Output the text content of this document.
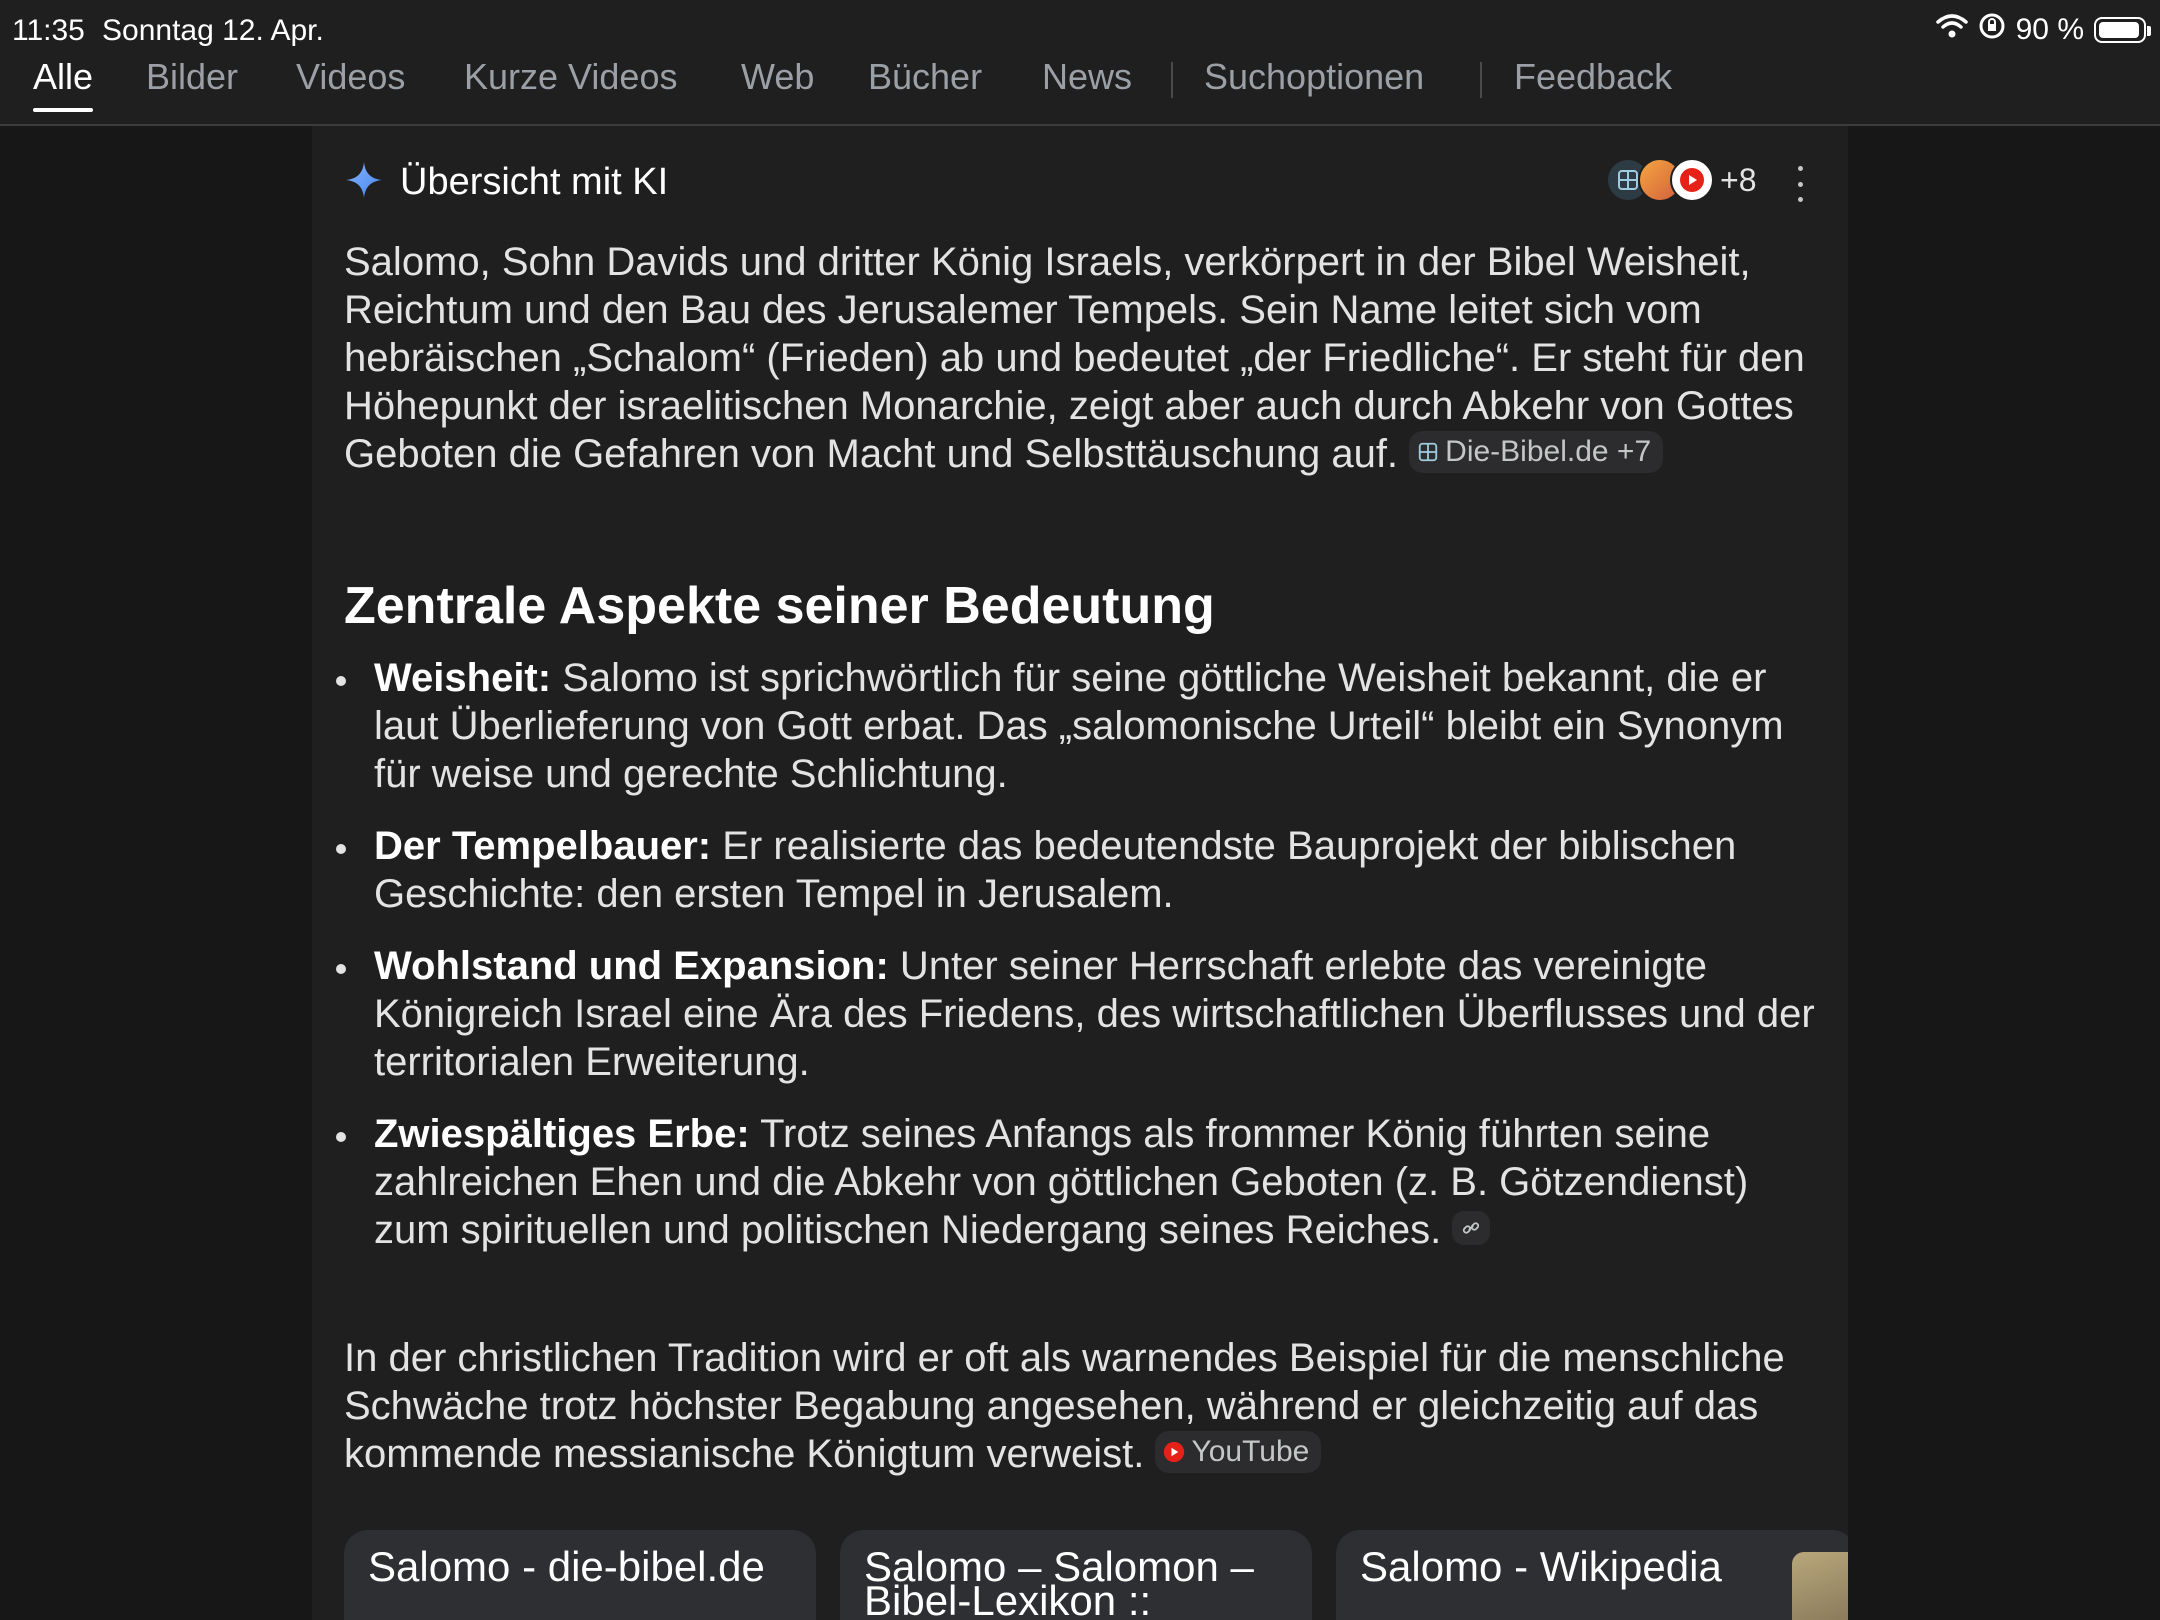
11:35 Sonntag 12. Apr.	90 %
Alle Bilder Videos Kurze Videos Web Bücher News Suchoptionen Feedback
Übersicht mit KI	+8
Salomo, Sohn Davids und dritter König Israels, verkörpert in der Bibel Weisheit, Reichtum und den Bau des Jerusalemer Tempels. Sein Name leitet sich vom hebräischen „Schalom“ (Frieden) ab und bedeutet „der Friedliche“. Er steht für den Höhepunkt der israelitischen Monarchie, zeigt aber auch durch Abkehr von Gottes Geboten die Gefahren von Macht und Selbsttäuschung auf. Die-Bibel.de +7
Zentrale Aspekte seiner Bedeutung
Weisheit: Salomo ist sprichwörtlich für seine göttliche Weisheit bekannt, die er laut Überlieferung von Gott erbat. Das „salomonische Urteil“ bleibt ein Synonym für weise und gerechte Schlichtung.
Der Tempelbauer: Er realisierte das bedeutendste Bauprojekt der biblischen Geschichte: den ersten Tempel in Jerusalem.
Wohlstand und Expansion: Unter seiner Herrschaft erlebte das vereinigte Königreich Israel eine Ära des Friedens, des wirtschaftlichen Überflusses und der territorialen Erweiterung.
Zwiespältiges Erbe: Trotz seines Anfangs als frommer König führten seine zahlreichen Ehen und die Abkehr von göttlichen Geboten (z. B. Götzendienst) zum spirituellen und politischen Niedergang seines Reiches.
In der christlichen Tradition wird er oft als warnendes Beispiel für die menschliche Schwäche trotz höchster Begabung angesehen, während er gleichzeitig auf das kommende messianische Königtum verweist. YouTube
Salomo - die-bibel.de	Salomo – Salomon – Bibel-Lexikon ::
Salomo - Wikipedia
